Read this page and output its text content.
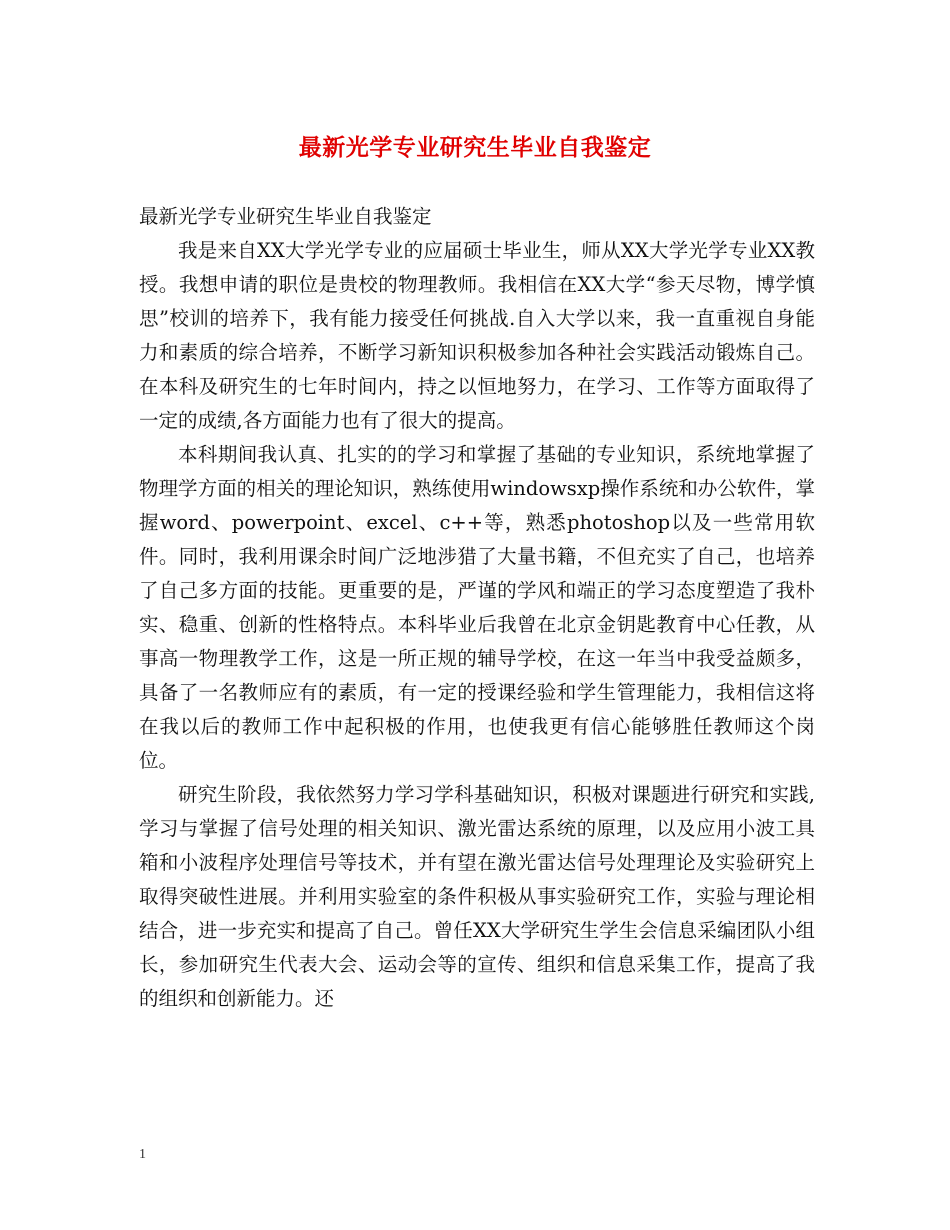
最新光学专业研究生毕业自我鉴定

最新光学专业研究生毕业自我鉴定

我是来自XX大学光学专业的应届硕士毕业生，师从XX大学光学专业XX教授。我想申请的职位是贵校的物理教师。我相信在XX大学“参天尽物，博学慎思”校训的培养下，我有能力接受任何挑战.自入大学以来，我一直重视自身能力和素质的综合培养，不断学习新知识积极参加各种社会实践活动锻炼自己。在本科及研究生的七年时间内，持之以恒地努力，在学习、工作等方面取得了一定的成绩,各方面能力也有了很大的提高。

本科期间我认真、扎实的的学习和掌握了基础的专业知识，系统地掌握了物理学方面的相关的理论知识，熟练使用windowsxp操作系统和办公软件，掌握word、powerpoint、excel、c++等，熟悉photoshop以及一些常用软件。同时，我利用课余时间广泛地涉猎了大量书籍，不但充实了自己，也培养了自己多方面的技能。更重要的是，严谨的学风和端正的学习态度塑造了我朴实、稳重、创新的性格特点。本科毕业后我曾在北京金钥匙教育中心任教，从事高一物理教学工作，这是一所正规的辅导学校，在这一年当中我受益颇多，具备了一名教师应有的素质，有一定的授课经验和学生管理能力，我相信这将在我以后的教师工作中起积极的作用，也使我更有信心能够胜任教师这个岗位。

研究生阶段，我依然努力学习学科基础知识，积极对课题进行研究和实践,学习与掌握了信号处理的相关知识、激光雷达系统的原理，以及应用小波工具箱和小波程序处理信号等技术，并有望在激光雷达信号处理理论及实验研究上取得突破性进展。并利用实验室的条件积极从事实验研究工作，实验与理论相结合，进一步充实和提高了自己。曾任XX大学研究生学生会信息采编团队小组长，参加研究生代表大会、运动会等的宣传、组织和信息采集工作，提高了我的组织和创新能力。还

1
